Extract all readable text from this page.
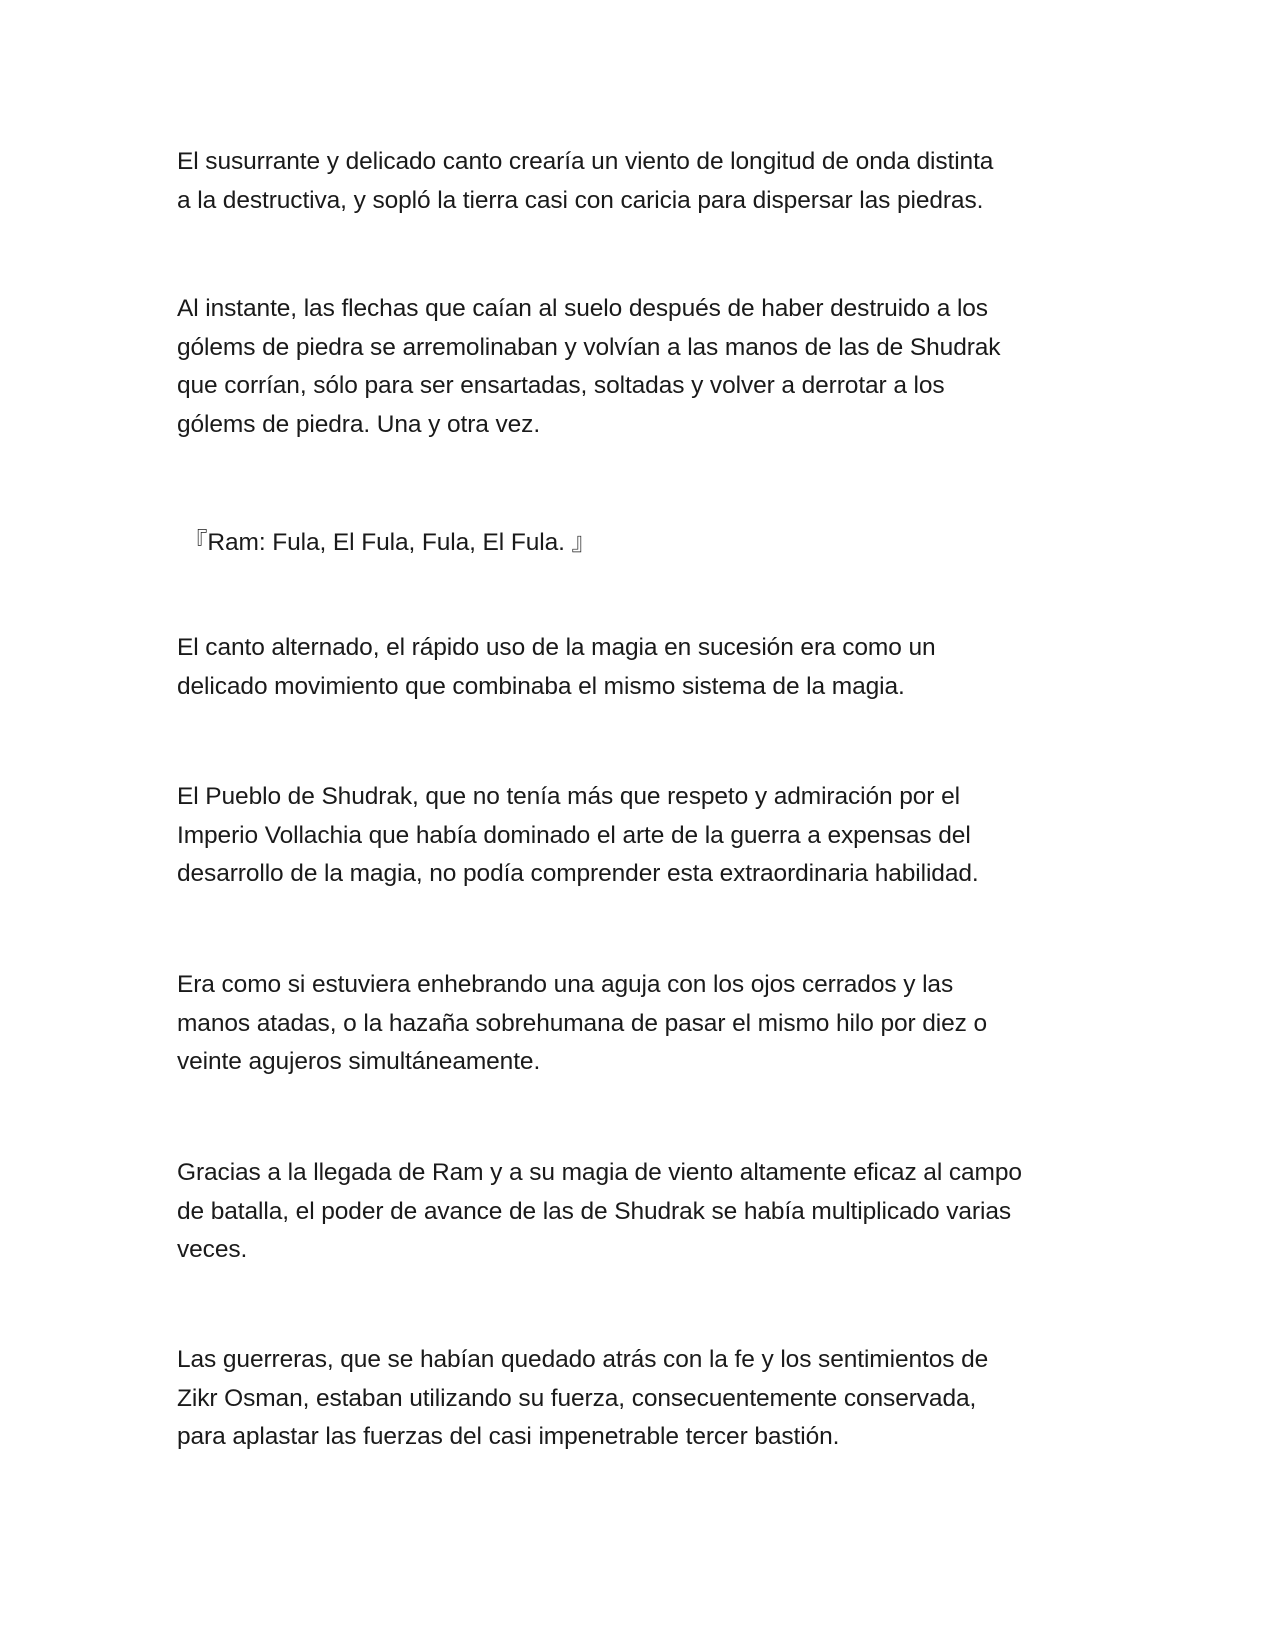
El susurrante y delicado canto crearía un viento de longitud de onda distinta
a la destructiva, y sopló la tierra casi con caricia para dispersar las piedras.

Al instante, las flechas que caían al suelo después de haber destruido a los
gólems de piedra se arremolinaban y volvían a las manos de las de Shudrak
que corrían, sólo para ser ensartadas, soltadas y volver a derrotar a los
gólems de piedra. Una y otra vez.

『Ram: Fula, El Fula, Fula, El Fula. 』

El canto alternado, el rápido uso de la magia en sucesión era como un
delicado movimiento que combinaba el mismo sistema de la magia.

El Pueblo de Shudrak, que no tenía más que respeto y admiración por el
Imperio Vollachia que había dominado el arte de la guerra a expensas del
desarrollo de la magia, no podía comprender esta extraordinaria habilidad.

Era como si estuviera enhebrando una aguja con los ojos cerrados y las
manos atadas, o la hazaña sobrehumana de pasar el mismo hilo por diez o
veinte agujeros simultáneamente.

Gracias a la llegada de Ram y a su magia de viento altamente eficaz al campo
de batalla, el poder de avance de las de Shudrak se había multiplicado varias
veces.

Las guerreras, que se habían quedado atrás con la fe y los sentimientos de
Zikr Osman, estaban utilizando su fuerza, consecuentemente conservada,
para aplastar las fuerzas del casi impenetrable tercer bastión.
